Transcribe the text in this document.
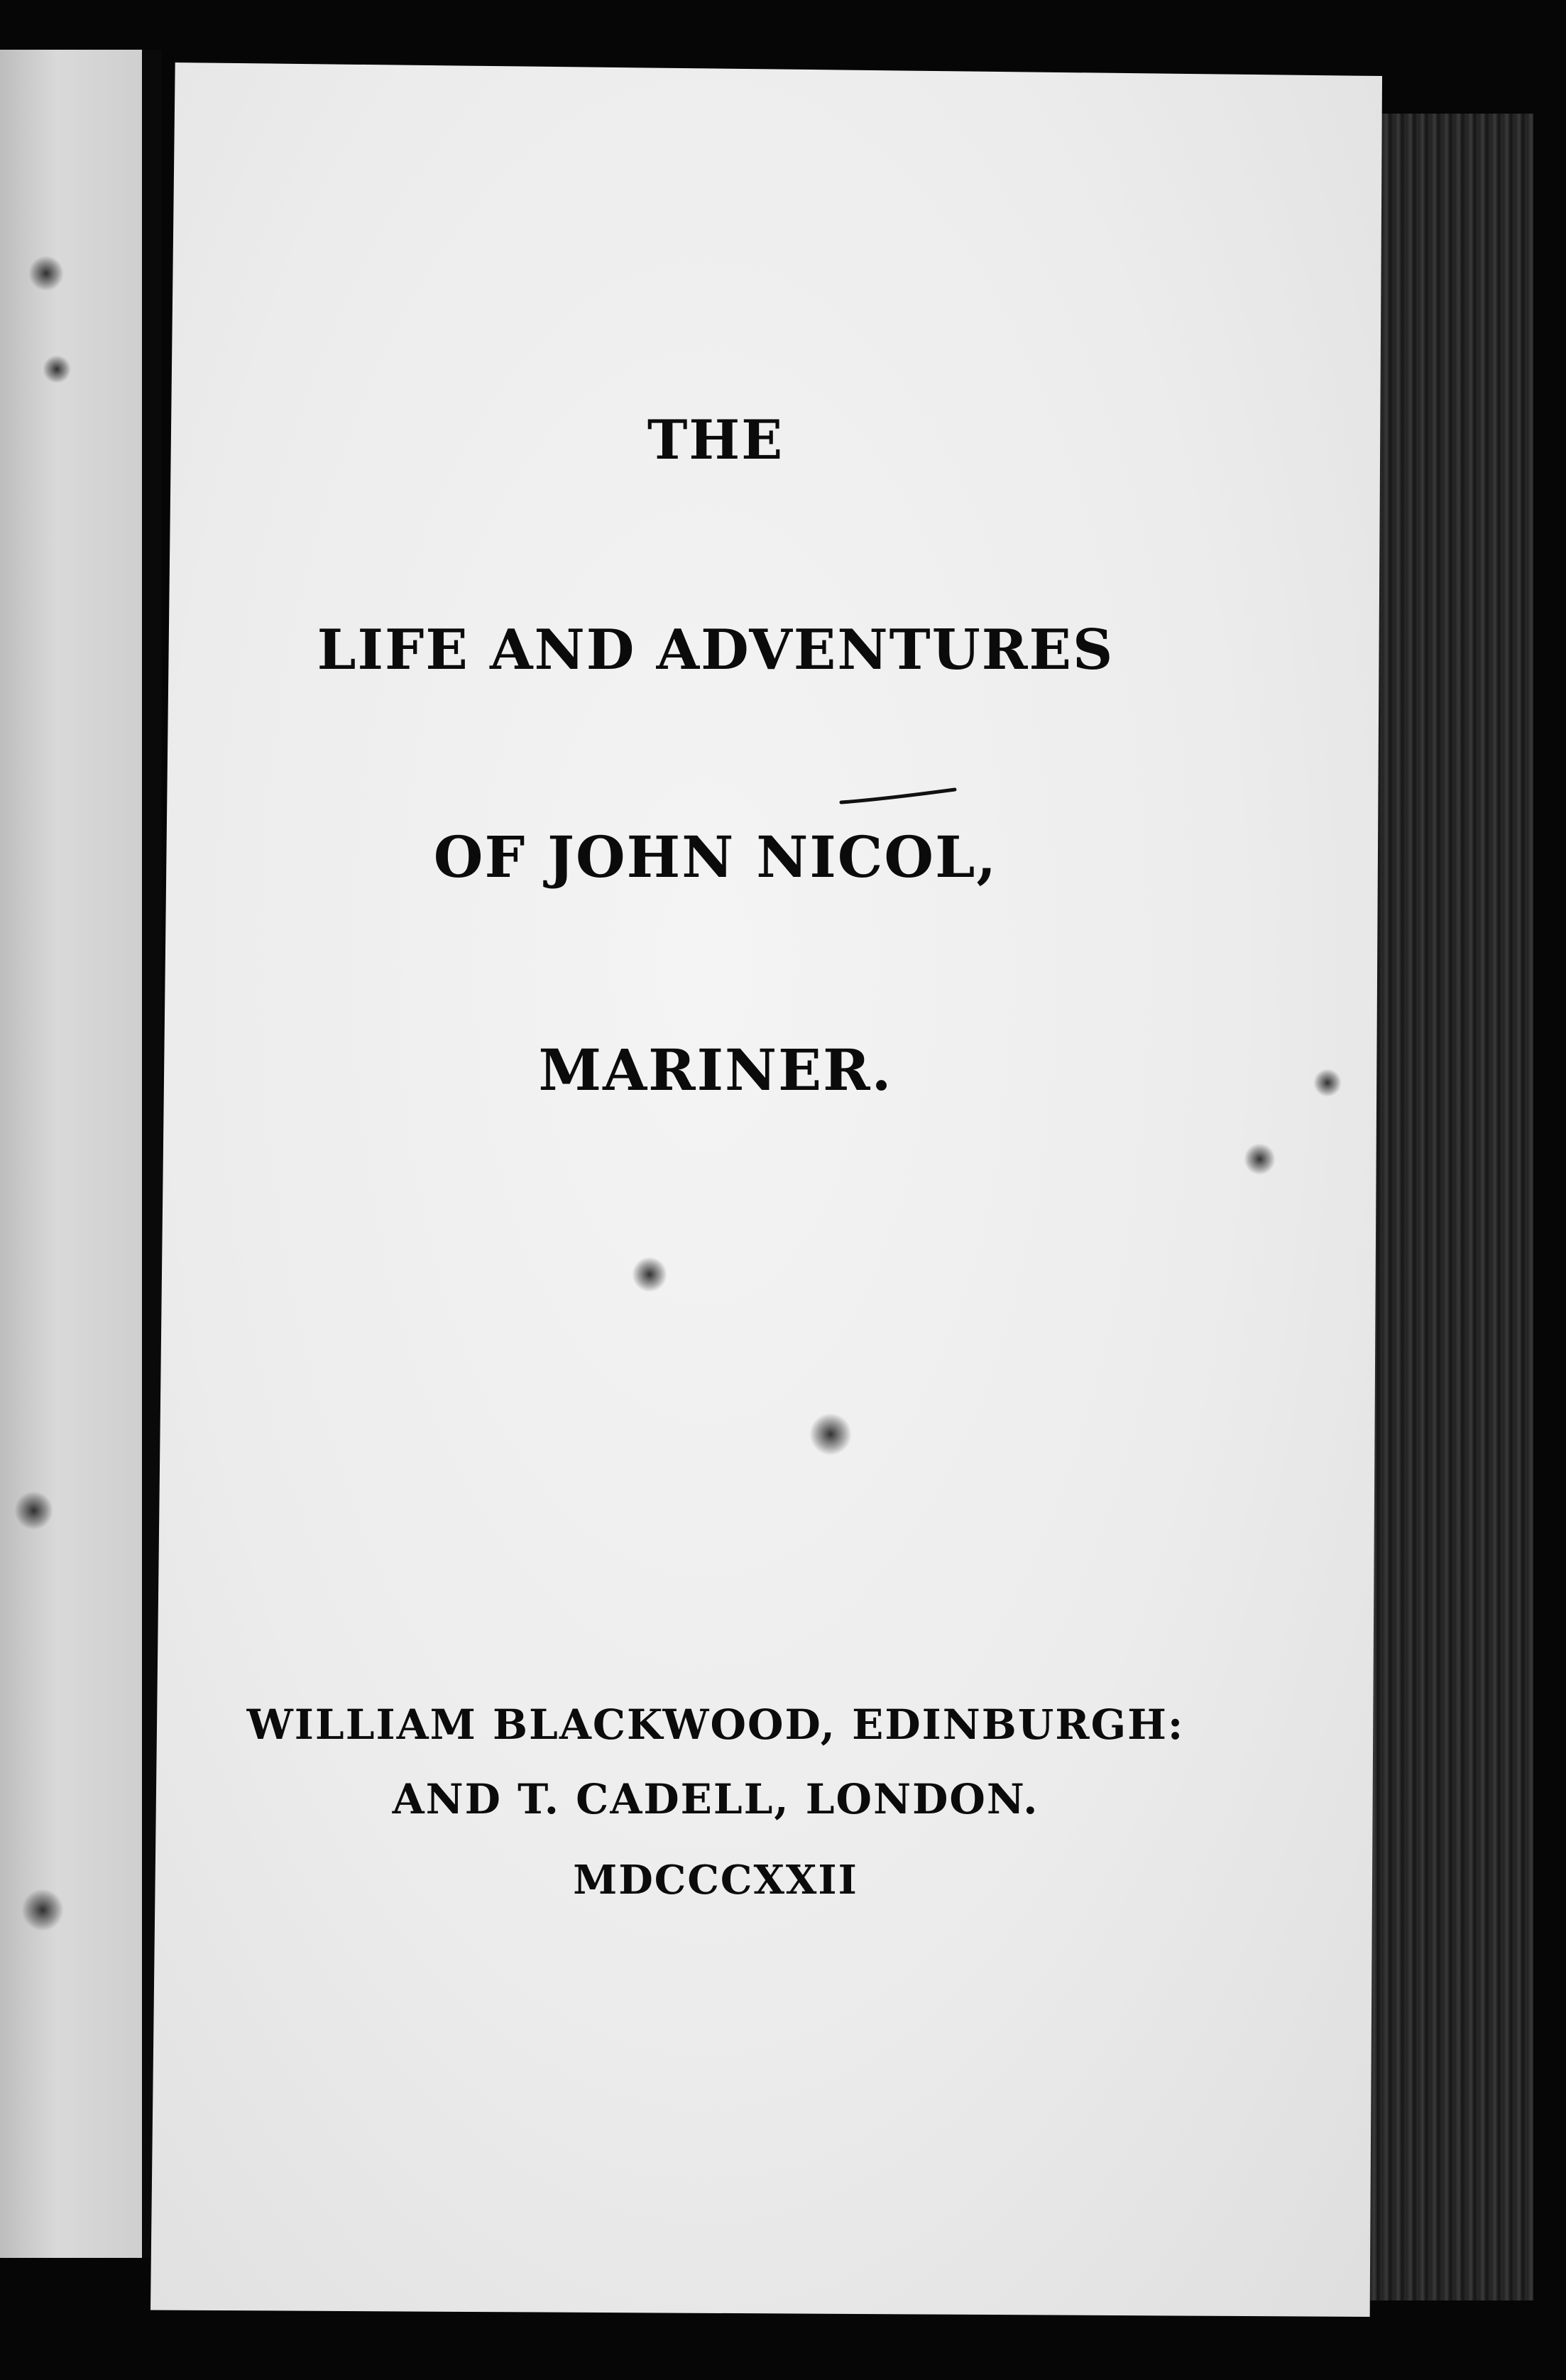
THE
LIFE AND ADVENTURES
OF JOHN NICOL,
MARINER.
WILLIAM BLACKWOOD, EDINBURGH:
AND T. CADELL, LONDON.
MDCCCXXII
